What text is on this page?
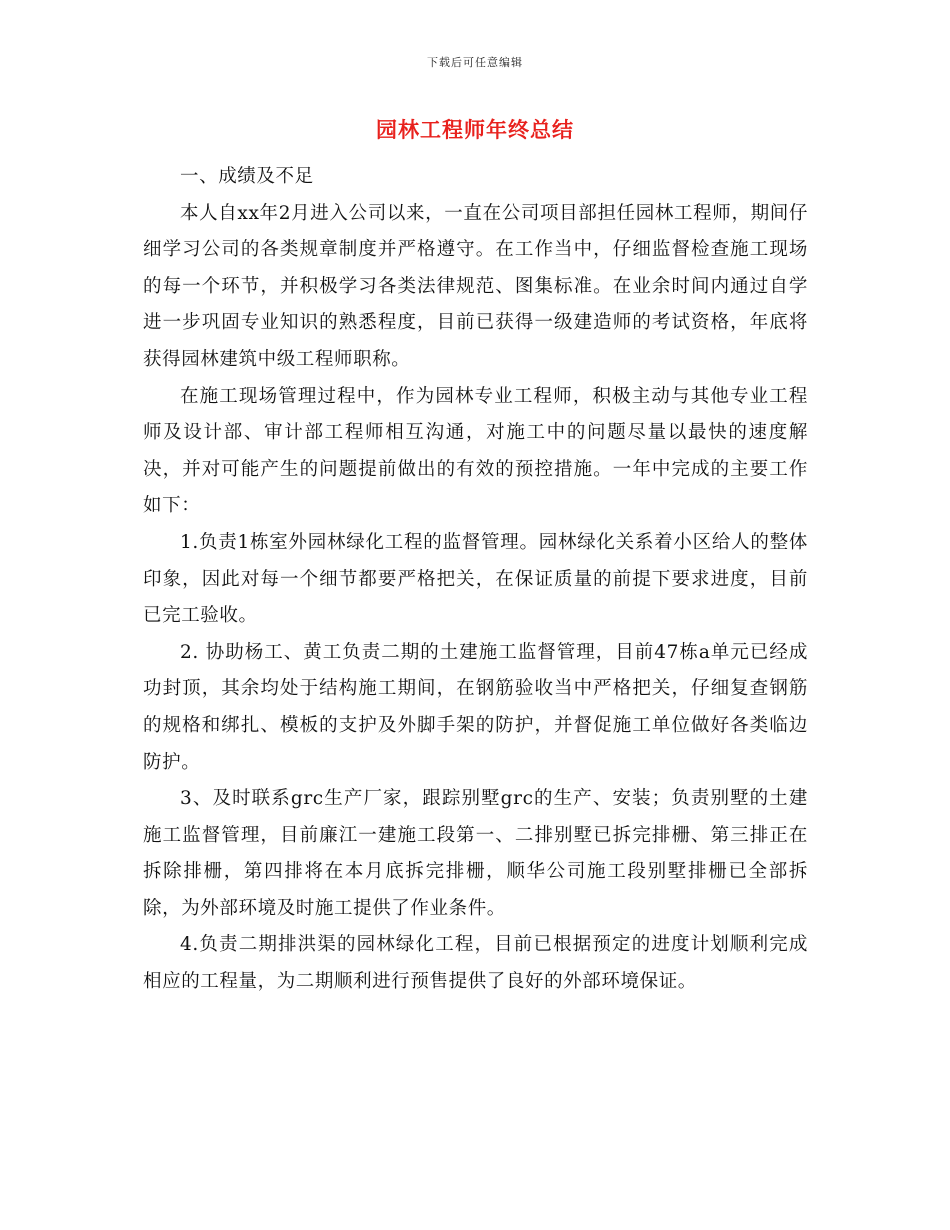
下载后可任意编辑
园林工程师年终总结

一、成绩及不足

本人自xx年2月进入公司以来，一直在公司项目部担任园林工程师，期间仔细学习公司的各类规章制度并严格遵守。在工作当中，仔细监督检查施工现场的每一个环节，并积极学习各类法律规范、图集标准。在业余时间内通过自学进一步巩固专业知识的熟悉程度，目前已获得一级建造师的考试资格，年底将获得园林建筑中级工程师职称。

在施工现场管理过程中，作为园林专业工程师，积极主动与其他专业工程师及设计部、审计部工程师相互沟通，对施工中的问题尽量以最快的速度解决，并对可能产生的问题提前做出的有效的预控措施。一年中完成的主要工作如下：

1.负责1栋室外园林绿化工程的监督管理。园林绿化关系着小区给人的整体印象，因此对每一个细节都要严格把关，在保证质量的前提下要求进度，目前已完工验收。

2. 协助杨工、黄工负责二期的土建施工监督管理，目前47栋a单元已经成功封顶，其余均处于结构施工期间，在钢筋验收当中严格把关，仔细复查钢筋的规格和绑扎、模板的支护及外脚手架的防护，并督促施工单位做好各类临边防护。

3、及时联系grc生产厂家，跟踪别墅grc的生产、安装；负责别墅的土建施工监督管理，目前廉江一建施工段第一、二排别墅已拆完排栅、第三排正在拆除排栅，第四排将在本月底拆完排栅，顺华公司施工段别墅排栅已全部拆除，为外部环境及时施工提供了作业条件。

4.负责二期排洪渠的园林绿化工程，目前已根据预定的进度计划顺利完成相应的工程量，为二期顺利进行预售提供了良好的外部环境保证。
